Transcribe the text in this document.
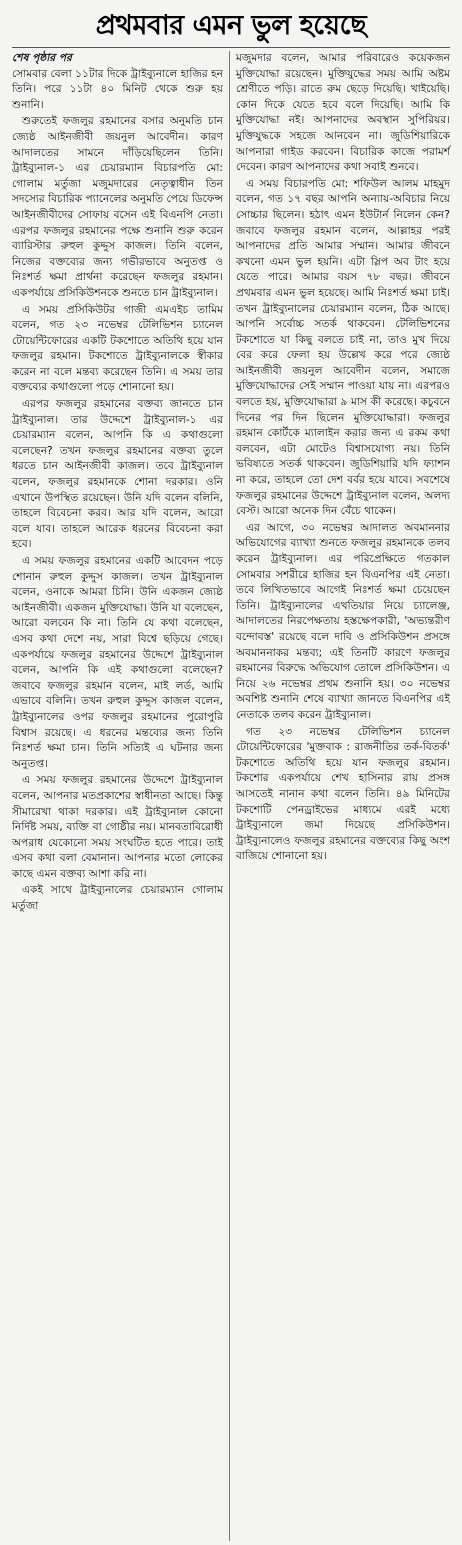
প্রথমবার এমন ভুল হয়েছে
শেষ পৃষ্ঠার পর

সোমবার বেলা ১১টার দিকে ট্রাইব্যুনালে হাজির হন তিনি। পরে ১১টা ৪০ মিনিট থেকে শুরু হয় শুনানি।

শুরুতেই ফজলুর রহমানের বসার অনুমতি চান জ্যেষ্ঠ আইনজীবী জয়নুল আবেদীন। কারণ আদালতের সামনে দাঁড়িয়েছিলেন তিনি। ট্রাইব্যুনাল-১ এর চেয়ারম্যান বিচারপতি মো: গোলাম মর্তুজা মজুমদারের নেতৃত্বাধীন তিন সদস্যের বিচারিক প্যানেলের অনুমতি পেয়ে ডিফেন্স আইনজীবীদের সোফায় বসেন এই বিএনপি নেতা। এরপর ফজলুর রহমানের পক্ষে শুনানি শুরু করেন ব্যারিস্টার রুহুল কুদ্দুস কাজল। তিনি বলেন, নিজের বক্তব্যের জন্য গভীরভাবে অনুতপ্ত ও নিঃশর্ত ক্ষমা প্রার্থনা করেছেন ফজলুর রহমান। একপর্যায়ে প্রসিকিউশনকে শুনতে চান ট্রাইব্যুনাল।

এ সময় প্রসিকিউটর গাজী এমএইচ তামিম বলেন, গত ২৩ নভেম্বর টেলিভিশন চ্যানেল টোয়েন্টিফোরের একটি টকশোতে অতিথি হয়ে যান ফজলুর রহমান। টকশোতে ট্রাইব্যুনালকে স্বীকার করেন না বলে মন্তব্য করেছেন তিনি। এ সময় তার বক্তব্যের কথাগুলো পড়ে শোনানো হয়।

এরপর ফজলুর রহমানের বক্তব্য জানতে চান ট্রাইব্যুনাল। তার উদ্দেশে ট্রাইব্যুনাল-১ এর চেয়ারম্যান বলেন, আপনি কি এ কথাগুলো বলেছেন? তখন ফজলুর রহমানের বক্তব্য তুলে ধরতে চান আইনজীবী কাজল। তবে ট্রাইব্যুনাল বলেন, ফজলুর রহমানকে শোনা দরকার। ওনি এখানে উপস্থিত রয়েছেন। উনি যদি বলেন বলিনি, তাহলে বিবেচনা করব। আর যদি বলেন, আরো বলে যাব। তাহলে আরেক ধরনের বিবেচনা করা হবে।

এ সময় ফজলুর রহমানের একটি আবেদন পড়ে শোনান রুহুল কুদ্দুস কাজল। তখন ট্রাইব্যুনাল বলেন, ওনাকে আমরা চিনি। উনি একজন জ্যেষ্ঠ আইনজীবী। একজন মুক্তিযোদ্ধা। উনি যা বলেছেন, আরো বলবেন কি না। তিনি যে কথা বলেছেন, এসব কথা দেশে নয়, সারা বিশ্বে ছড়িয়ে গেছে। একপর্যায়ে ফজলুর রহমানের উদ্দেশে ট্রাইব্যুনাল বলেন, আপনি কি এই কথাগুলো বলেছেন? জবাবে ফজলুর রহমান বলেন, মাই লর্ড, আমি এভাবে বলিনি। তখন রুহুল কুদ্দুস কাজল বলেন, ট্রাইব্যুনালের ওপর ফজলুর রহমানের পুরোপুরি বিশ্বাস রয়েছে। এ ধরনের মন্তব্যের জন্য তিনি নিঃশর্ত ক্ষমা চান। তিনি সত্যিই এ ঘটনার জন্য অনুতপ্ত।

এ সময় ফজলুর রহমানের উদ্দেশে ট্রাইব্যুনাল বলেন, আপনার মতপ্রকাশের স্বাধীনতা আছে। কিন্তু সীমারেখা থাকা দরকার। এই ট্রাইব্যুনাল কোনো নির্দিষ্ট সময়, ব্যক্তি বা গোষ্ঠীর নয়। মানবতাবিরোধী অপরাধ যেকোনো সময় সংঘটিত হতে পারে। তাই এসব কথা বলা বেমানান। আপনার মতো লোকের কাছে এমন বক্তব্য আশা করি না।

একই সাথে ট্রাইব্যুনালের চেয়ারম্যান গোলাম মর্তুজা

মজুমদার বলেন, আমার পরিবারেও কয়েকজন মুক্তিযোদ্ধা রয়েছেন। মুক্তিযুদ্ধের সময় আমি অষ্টম শ্রেণীতে পড়ি। রাতে রুম ছেড়ে দিয়েছি। খাইয়েছি। কোন দিকে যেতে হবে বলে দিয়েছি। আমি কি মুক্তিযোদ্ধা নই। আপনাদের অবস্থান সুপিরিয়র। মুক্তিযুদ্ধকে সহজে আনবেন না। জুডিশিয়ারিকে আপনারা গাইড করবেন। বিচারিক কাজে পরামর্শ দেবেন। কারণ আপনাদের কথা সবাই শুনবে।

এ সময় বিচারপতি মো: শফিউল আলম মাহমুদ বলেন, গত ১৭ বছর আপনি অন্যায়-অবিচার নিয়ে সোচ্চার ছিলেন। হঠাৎ এমন ইউটার্ন নিলেন কেন? জবাবে ফজলুর রহমান বলেন, আল্লাহর পরই আপনাদের প্রতি আমার সম্মান। আমার জীবনে কখনো এমন ভুল হয়নি। এটা স্লিপ অব টাং হয়ে যেতে পারে। আমার বয়স ৭৮ বছর। জীবনে প্রথমবার এমন ভুল হয়েছে। আমি নিঃশর্ত ক্ষমা চাই। তখন ট্রাইব্যুনালের চেয়ারম্যান বলেন, ঠিক আছে। আপনি সর্বোচ্চ সতর্ক থাকবেন। টেলিভিশনের টকশোতে যা কিছু বলতে চাই না, তাও মুখ দিয়ে বের করে ফেলা হয় উল্লেখ করে পরে জ্যেষ্ঠ আইনজীবী জয়নুল আবেদীন বলেন, সমাজে মুক্তিযোদ্ধাদের সেই সম্মান পাওয়া যায় না। এরপরও বলতে হয়, মুক্তিযোদ্ধারা ৯ মাস কী করেছে। কচুবনে দিনের পর দিন ছিলেন মুক্তিযোদ্ধারা। ফজলুর রহমান কোর্টকে ম্যালাইন করার জন্য এ রকম কথা বলবেন, এটা মোটেও বিশ্বাসযোগ্য নয়। তিনি ভবিষ্যতে সতর্ক থাকবেন। জুডিশিয়ারি যদি ফ্যাশন না করে, তাহলে তো দেশ বর্বর হয়ে যাবে। সবশেষে ফজলুর রহমানের উদ্দেশে ট্রাইব্যুনাল বলেন, অলদ্য বেস্ট। আরো অনেক দিন বেঁচে থাকেন।

এর আগে, ৩০ নভেম্বর আদালত অবমাননার অভিযোগের ব্যাখ্যা শুনতে ফজলুর রহমানকে তলব করেন ট্রাইব্যুনাল। এর পরিপ্রেক্ষিতে গতকাল সোমবার সশরীরে হাজির হন বিএনপির এই নেতা। তবে লিখিতভাবে আগেই নিঃশর্ত ক্ষমা চেয়েছেন তিনি। ট্রাইব্যুনালের এখতিয়ার নিয়ে চ্যালেঞ্জ, আদালতের নিরপেক্ষতায় হস্তক্ষেপকারী, 'অভ্যন্তরীণ বন্দোবস্ত' রয়েছে বলে দাবি ও প্রসিকিউশন প্রসঙ্গে অবমাননাকর মন্তব্য; এই তিনটি কারণে ফজলুর রহমানের বিরুদ্ধে অভিযোগ তোলে প্রসিকিউশন। এ নিয়ে ২৬ নভেম্বর প্রথম শুনানি হয়। ৩০ নভেম্বর অবশিষ্ট শুনানি শেষে ব্যাখ্যা জানতে বিএনপির এই নেতাকে তলব করেন ট্রাইব্যুনাল।

গত ২৩ নভেম্বর টেলিভিশন চ্যানেল টোয়েন্টিফোরের 'মুক্তবাক : রাজনীতির তর্ক-বিতর্ক' টকশোতে অতিথি হয়ে যান ফজলুর রহমান। টকশোর একপর্যায়ে শেখ হাসিনার রায় প্রসঙ্গ আসতেই নানান কথা বলেন তিনি। ৪৯ মিনিটের টকশোটি পেনড্রাইভের মাধ্যমে এরই মধ্যে ট্রাইব্যুনালে জমা দিয়েছে প্রসিকিউশন। ট্রাইব্যুনালেও ফজলুর রহমানের বক্তব্যের কিছু অংশ বাজিয়ে শোনানো হয়।
